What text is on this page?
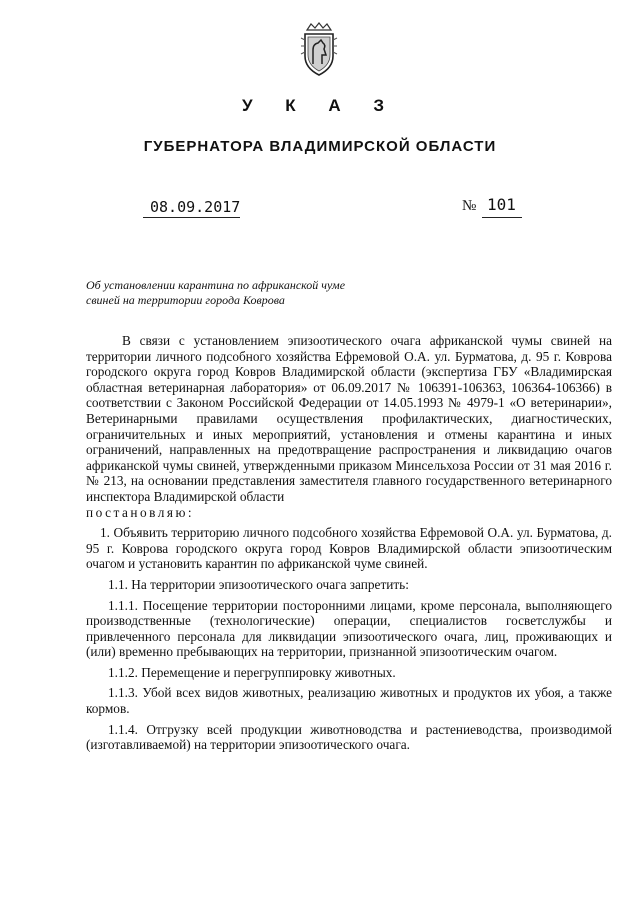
У К А З
ГУБЕРНАТОРА ВЛАДИМИРСКОЙ ОБЛАСТИ
08.09.2017	№ 101
Об установлении карантина по африканской чуме
свиней на территории города Коврова

В связи с установлением эпизоотического очага африканской чумы свиней на территории личного подсобного хозяйства Ефремовой О.А. ул. Бурматова, д. 95 г. Коврова городского округа город Ковров Владимирской области (экспертиза ГБУ «Владимирская областная ветеринарная лаборатория» от 06.09.2017 № 106391-106363, 106364-106366) в соответствии с Законом Российской Федерации от 14.05.1993 № 4979-1 «О ветеринарии», Ветеринарными правилами осуществления профилактических, диагностических, ограничительных и иных мероприятий, установления и отмены карантина и иных ограничений, направленных на предотвращение распространения и ликвидацию очагов африканской чумы свиней, утвержденными приказом Минсельхоза России от 31 мая 2016 г. № 213, на основании представления заместителя главного государственного ветеринарного инспектора Владимирской области

постановляю:

1. Объявить территорию личного подсобного хозяйства Ефремовой О.А. ул. Бурматова, д. 95 г. Коврова городского округа город Ковров Владимирской области эпизоотическим очагом и установить карантин по африканской чуме свиней.

1.1. На территории эпизоотического очага запретить:

1.1.1. Посещение территории посторонними лицами, кроме персонала, выполняющего производственные (технологические) операции, специалистов госветслужбы и привлеченного персонала для ликвидации эпизоотического очага, лиц, проживающих и (или) временно пребывающих на территории, признанной эпизоотическим очагом.

1.1.2. Перемещение и перегруппировку животных.

1.1.3. Убой всех видов животных, реализацию животных и продуктов их убоя, а также кормов.

1.1.4. Отгрузку всей продукции животноводства и растениеводства, производимой (изготавливаемой) на территории эпизоотического очага.
